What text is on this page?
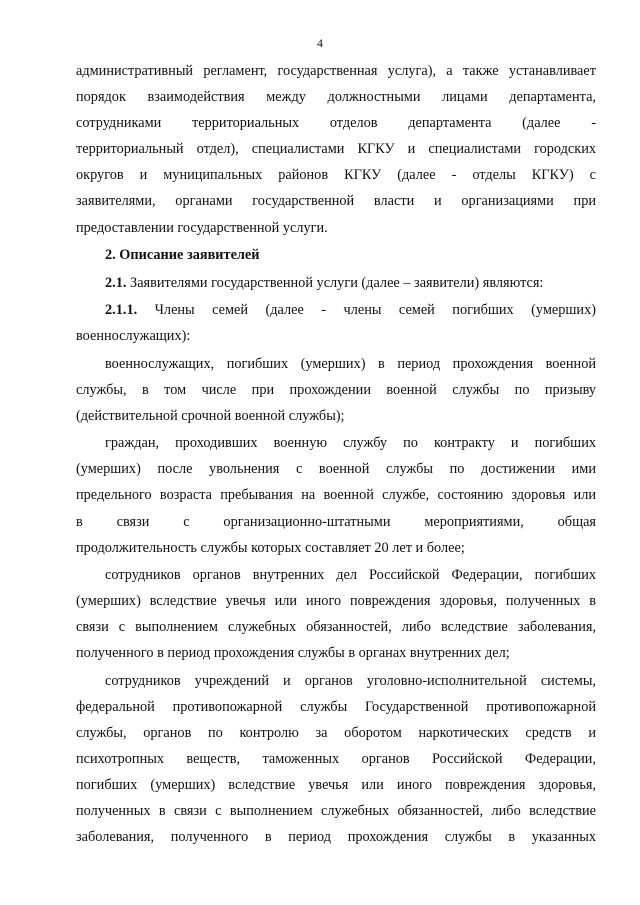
4
административный регламент, государственная услуга), а также устанавливает
порядок взаимодействия между должностными лицами департамента,
сотрудниками территориальных отделов департамента (далее -
территориальный отдел), специалистами КГКУ и специалистами городских
округов и муниципальных районов КГКУ (далее - отделы КГКУ) с
заявителями, органами государственной власти и организациями при
предоставлении государственной услуги.
2. Описание заявителей
2.1. Заявителями государственной услуги (далее – заявители) являются:
2.1.1. Члены семей (далее - члены семей погибших (умерших)
военнослужащих):
военнослужащих, погибших (умерших) в период прохождения военной
службы, в том числе при прохождении военной службы по призыву
(действительной срочной военной службы);
граждан, проходивших военную службу по контракту и погибших
(умерших) после увольнения с военной службы по достижении ими
предельного возраста пребывания на военной службе, состоянию здоровья или
в связи с организационно-штатными мероприятиями, общая
продолжительность службы которых составляет 20 лет и более;
сотрудников органов внутренних дел Российской Федерации, погибших
(умерших) вследствие увечья или иного повреждения здоровья, полученных в
связи с выполнением служебных обязанностей, либо вследствие заболевания,
полученного в период прохождения службы в органах внутренних дел;
сотрудников учреждений и органов уголовно-исполнительной системы,
федеральной противопожарной службы Государственной противопожарной
службы, органов по контролю за оборотом наркотических средств и
психотропных веществ, таможенных органов Российской Федерации,
погибших (умерших) вследствие увечья или иного повреждения здоровья,
полученных в связи с выполнением служебных обязанностей, либо вследствие
заболевания, полученного в период прохождения службы в указанных
